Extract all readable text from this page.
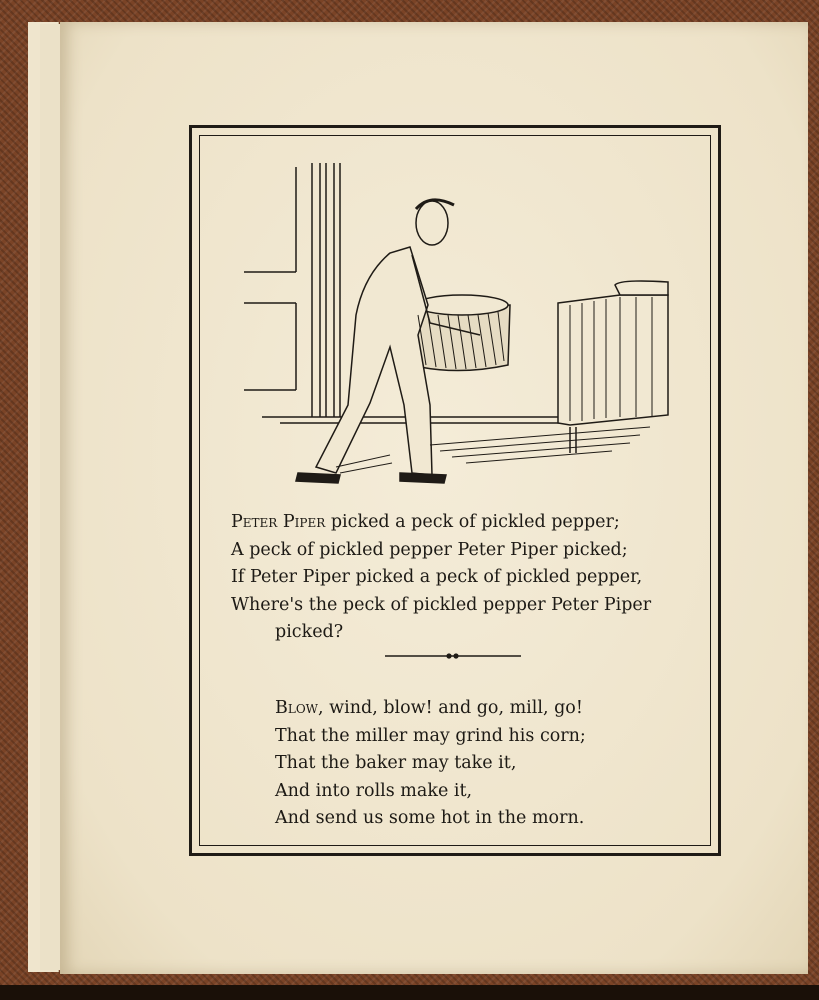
Peter Piper picked a peck of pickled pepper;
A peck of pickled pepper Peter Piper picked;
If Peter Piper picked a peck of pickled pepper,
Where's the peck of pickled pepper Peter Piper
picked?
Blow, wind, blow! and go, mill, go!
That the miller may grind his corn;
That the baker may take it,
And into rolls make it,
And send us some hot in the morn.
